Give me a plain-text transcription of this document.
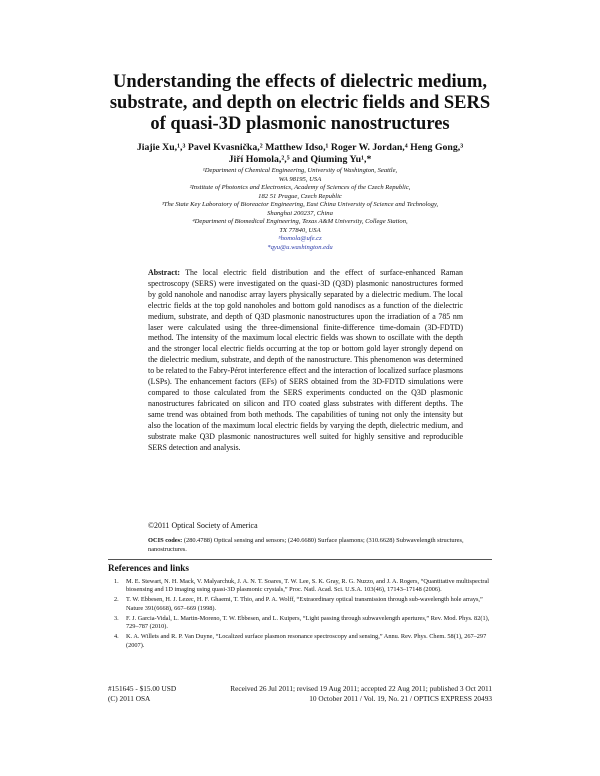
Understanding the effects of dielectric medium,
substrate, and depth on electric fields and SERS
of quasi-3D plasmonic nanostructures
Jiajie Xu,¹,³ Pavel Kvasnička,² Matthew Idso,¹ Roger W. Jordan,⁴ Heng Gong,³
Jiří Homola,²,⁵ and Qiuming Yu¹,*
¹Department of Chemical Engineering, University of Washington, Seattle,
WA 98195, USA
²Institute of Photonics and Electronics, Academy of Sciences of the Czech Republic,
182 51 Prague, Czech Republic
³The State Key Laboratory of Bioreactor Engineering, East China University of Science and Technology,
Shanghai 200237, China
⁴Department of Biomedical Engineering, Texas A&M University, College Station,
TX 77840, USA
⁵homola@ufe.cz
*qyu@u.washington.edu
Abstract: The local electric field distribution and the effect of surface-enhanced Raman spectroscopy (SERS) were investigated on the quasi-3D (Q3D) plasmonic nanostructures formed by gold nanohole and nanodisc array layers physically separated by a dielectric medium. The local electric fields at the top gold nanoholes and bottom gold nanodiscs as a function of the dielectric medium, substrate, and depth of Q3D plasmonic nanostructures upon the irradiation of a 785 nm laser were calculated using the three-dimensional finite-difference time-domain (3D-FDTD) method. The intensity of the maximum local electric fields was shown to oscillate with the depth and the stronger local electric fields occurring at the top or bottom gold layer strongly depend on the dielectric medium, substrate, and depth of the nanostructure. This phenomenon was determined to be related to the Fabry-Pérot interference effect and the interaction of localized surface plasmons (LSPs). The enhancement factors (EFs) of SERS obtained from the 3D-FDTD simulations were compared to those calculated from the SERS experiments conducted on the Q3D plasmonic nanostructures fabricated on silicon and ITO coated glass substrates with different depths. The same trend was obtained from both methods. The capabilities of tuning not only the intensity but also the location of the maximum local electric fields by varying the depth, dielectric medium, and substrate make Q3D plasmonic nanostructures well suited for highly sensitive and reproducible SERS detection and analysis.
©2011 Optical Society of America
OCIS codes: (280.4788) Optical sensing and sensors; (240.6680) Surface plasmons; (310.6628) Subwavelength structures, nanostructures.
References and links
1.	M. E. Stewart, N. H. Mack, V. Malyarchuk, J. A. N. T. Soares, T. W. Lee, S. K. Gray, R. G. Nuzzo, and J. A. Rogers, “Quantitative multispectral biosensing and 1D imaging using quasi-3D plasmonic crystals,” Proc. Natl. Acad. Sci. U.S.A. 103(46), 17143–17148 (2006).
2.	T. W. Ebbesen, H. J. Lezec, H. F. Ghaemi, T. Thio, and P. A. Wolff, “Extraordinary optical transmission through sub-wavelength hole arrays,” Nature 391(6668), 667–669 (1998).
3.	F. J. Garcia-Vidal, L. Martin-Moreno, T. W. Ebbesen, and L. Kuipers, “Light passing through subwavelength apertures,” Rev. Mod. Phys. 82(1), 729–787 (2010).
4.	K. A. Willets and R. P. Van Duyne, “Localized surface plasmon resonance spectroscopy and sensing,” Annu. Rev. Phys. Chem. 58(1), 267–297 (2007).
#151645 - $15.00 USD	Received 26 Jul 2011; revised 19 Aug 2011; accepted 22 Aug 2011; published 3 Oct 2011
(C) 2011 OSA	10 October 2011 / Vol. 19, No. 21 / OPTICS EXPRESS 20493
